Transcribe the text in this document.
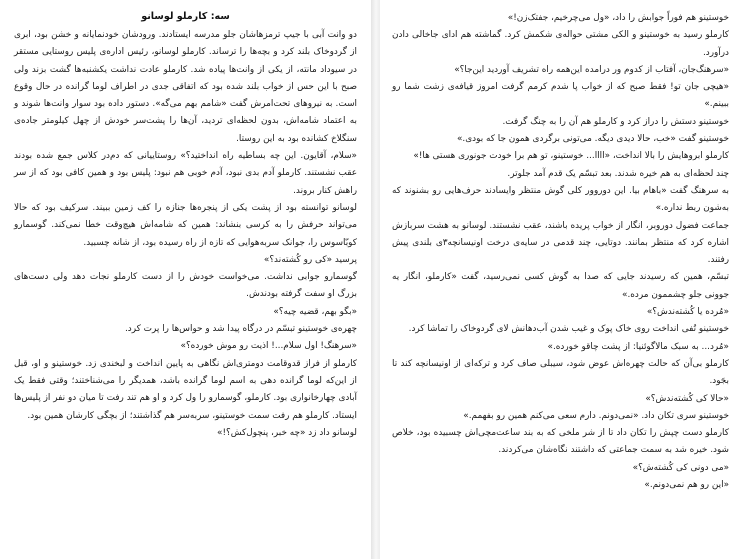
سه: کارملو لوسانو

دو وانت آبی با جیپ ترمزهاشان جلو مدرسه ایستادند. ورودشان خودنمایانه و خشن بود، ابری از گردوخاک بلند کرد و بچه‌ها را ترساند. کارملو لوسانو، رئیس اداره‌ی پلیس روستایی مستقر در سیوداد مانته، از یکی از وانت‌ها پیاده شد. کارملو عادت نداشت یکشنبه‌ها گشت بزند ولی صبح با این حس از خواب بلند شده بود که اتفاقی جدی در اطراف لوما گرانده در حال وقوع است. به نیروهای تحت‌امرش گفت «شامم بهم می‌گه». دستور داده بود سوار وانت‌ها شوند و به اعتماد شامه‌اش، بدون لحظه‌ای تردید، آن‌ها را پشت‌سر خودش از چهل کیلومتر جاده‌ی سنگلاخ کشانده بود به این روستا.

«سلام، آقایون. این چه بساطیه راه انداختید؟» روستاییانی که دم‌در کلاس جمع شده بودند عقب نشستند. کارملو آدم بدی نبود، آدم خوبی هم نبود: پلیس بود و همین کافی بود که از سر راهش کنار بروند.

لوسانو توانسته بود از پشت یکی از پنجره‌ها جنازه را کف زمین ببیند. سرکیف بود که حالا می‌تواند حرفش را به کرسی بنشاند: همین که شامه‌اش هیچ‌وقت خطا نمی‌کند. گوسمارو کوبّاسوس را، جوانک سربه‌هوایی که تازه از راه رسیده بود، از شانه چسبید.

پرسید «کی رو کُشته‌ند؟»

گوسمارو جوابی نداشت. می‌خواست خودش را از دست کارملو نجات دهد ولی دست‌های بزرگ او سفت گرفته بودندش.

«بگو بهم، قضیه چیه؟»

چهره‌ی خوستینو تبسّم در درگاه پیدا شد و حواس‌ها را پرت کرد.

«سرهنگ! اول سلام...! اذیت رو موش خورده؟»

کارملو از فراز قدوقامت دومتری‌اش نگاهی به پایین انداخت و لبخندی زد. خوستینو و او، قبل از این‌که لوما گرانده دهی به اسم لوما گرانده باشد، همدیگر را می‌شناختند؛ وقتی فقط یک آبادی چهارخانواری بود. کارملو، گوسمارو را ول کرد و او هم تند رفت تا میان دو نفر از پلیس‌ها ایستاد. کارملو هم رفت سمت خوستینو، سربه‌سر هم گذاشتند؛ از بچگی کارشان همین بود.

لوسانو داد زد «چه خبر، پنچول‌کش؟!»

خوستینو هم فوراً جوابش را داد، «ول می‌چرخیم، جفتک‌زن!»

کارملو رسید به خوستینو و الکی مشتی حواله‌ی شکمش کرد. گماشته هم ادای جاخالی دادن درآورد.

«سرهنگ‌جان، آفتاب از کدوم ور درامده این‌همه راه تشریف آوردید این‌جا؟»

«هیچی جان تو! فقط صبح که از خواب پا شدم کرمم گرفت امروز قیافه‌ی زشت شما رو ببینم.»

خوستینو دستش را دراز کرد و کارملو هم آن را به چنگ گرفت.

خوستینو گفت «خب، حالا دیدی دیگه. می‌تونی برگردی همون جا که بودی.»

کارملو ابروهایش را بالا انداخت، «اااا... خوستینو، تو هم برا خودت جونوری هستی ها!»

چند لحظه‌ای به هم خیره شدند. بعد تبسّم یک قدم آمد جلوتر.

به سرهنگ گفت «باهام بیا. این دوروور کلی گوش منتظر وایسادند حرف‌هایی رو بشنوند که به‌شون ربط نداره.»

جماعت فضول دوروبر، انگار از خواب پریده باشند، عقب نشستند. لوسانو به هشت سربازش اشاره کرد که منتظر بمانند. دوتایی، چند قدمی در سایه‌ی درخت اونیسانچه۳ی بلندی پیش رفتند.

تبسّم، همین که رسیدند جایی که صدا به گوش کسی نمی‌رسید، گفت «کارملو، انگار یه جوونی جلو چشممون مرده.»

«مُرده یا کُشته‌ندش؟»

خوستینو تُفی انداخت روی خاک پوک و غیب شدن آب‌دهانش لای گردوخاک را تماشا کرد.

«مُرد... به سبک مالاگوئنیا: از پشت چاقو خورده.»

کارملو بی‌آن که حالت چهره‌اش عوض شود، سیبلی صاف کرد و ترکه‌ای از اونیسانچه کند تا بجَود.

«حالا کی کُشته‌ندش؟»

خوستینو سری تکان داد. «نمی‌دونم. دارم سعی می‌کنم همین رو بفهمم.»

کارملو دست چپش را تکان داد تا از شر ملخی که به بند ساعت‌مچی‌اش چسبیده بود، خلاص شود. خیره شد به سمت جماعتی که داشتند نگاه‌شان می‌کردند.

«می دونی کی کُشته‌ش؟»

«این رو هم نمی‌دونم.»
